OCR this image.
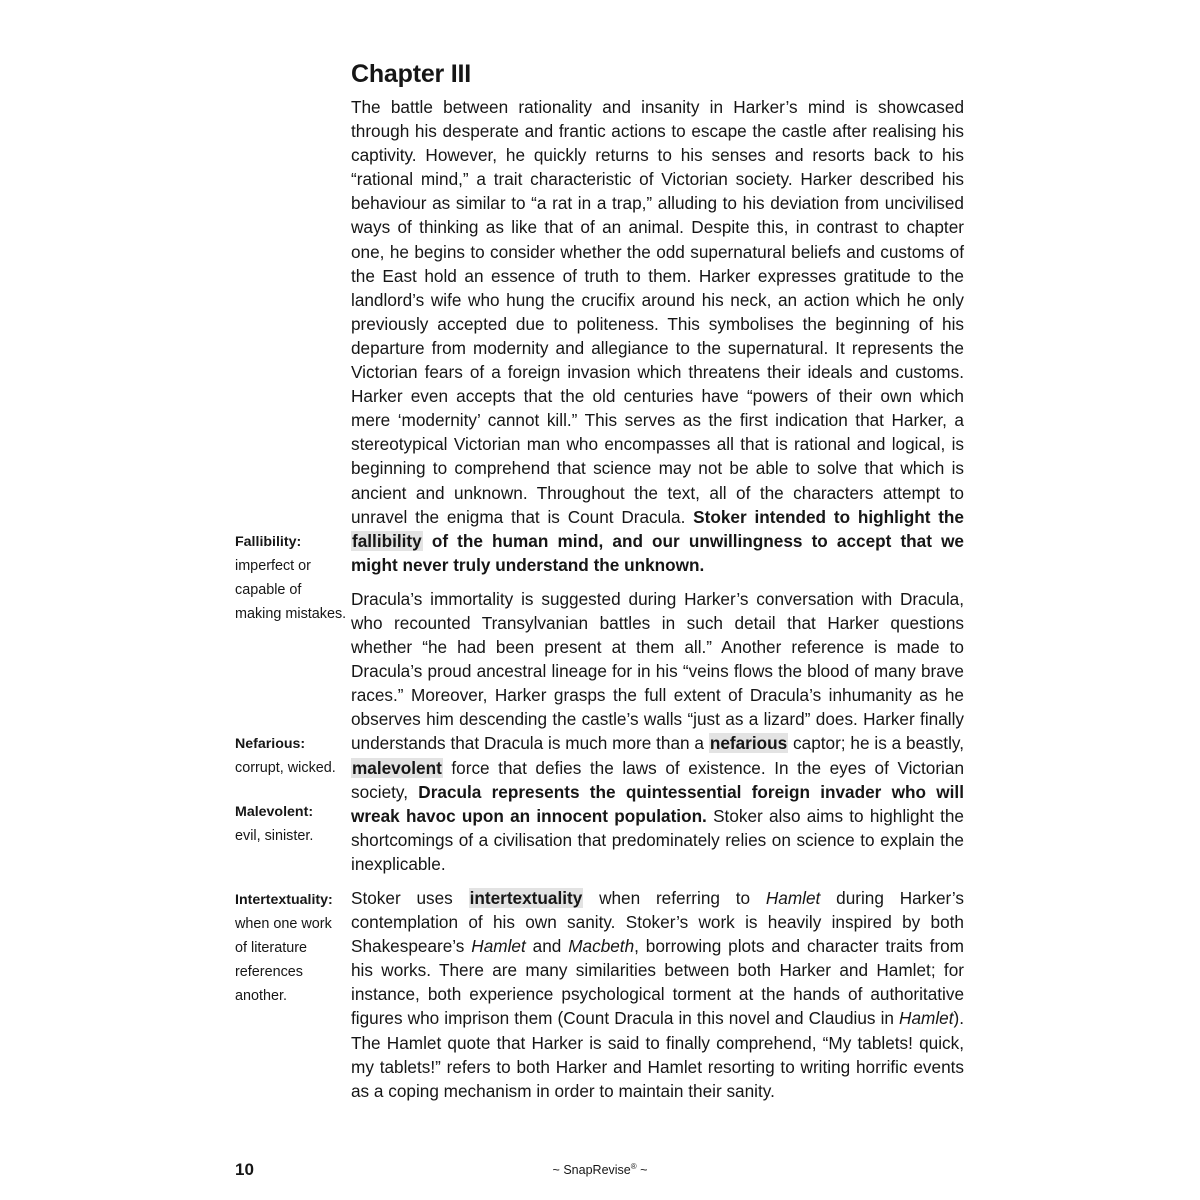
Chapter III

The battle between rationality and insanity in Harker’s mind is showcased through his desperate and frantic actions to escape the castle after realising his captivity. However, he quickly returns to his senses and resorts back to his “rational mind,” a trait characteristic of Victorian society. Harker described his behaviour as similar to “a rat in a trap,” alluding to his deviation from uncivilised ways of thinking as like that of an animal. Despite this, in contrast to chapter one, he begins to consider whether the odd supernatural beliefs and customs of the East hold an essence of truth to them. Harker expresses gratitude to the landlord’s wife who hung the crucifix around his neck, an action which he only previously accepted due to politeness. This symbolises the beginning of his departure from modernity and allegiance to the supernatural. It represents the Victorian fears of a foreign invasion which threatens their ideals and customs. Harker even accepts that the old centuries have “powers of their own which mere ‘modernity’ cannot kill.” This serves as the first indication that Harker, a stereotypical Victorian man who encompasses all that is rational and logical, is beginning to comprehend that science may not be able to solve that which is ancient and unknown. Throughout the text, all of the characters attempt to unravel the enigma that is Count Dracula. Stoker intended to highlight the fallibility of the human mind, and our unwillingness to accept that we might never truly understand the unknown.

Dracula’s immortality is suggested during Harker’s conversation with Dracula, who recounted Transylvanian battles in such detail that Harker questions whether “he had been present at them all.” Another reference is made to Dracula’s proud ancestral lineage for in his “veins flows the blood of many brave races.” Moreover, Harker grasps the full extent of Dracula’s inhumanity as he observes him descending the castle’s walls “just as a lizard” does. Harker finally understands that Dracula is much more than a nefarious captor; he is a beastly, malevolent force that defies the laws of existence. In the eyes of Victorian society, Dracula represents the quintessential foreign invader who will wreak havoc upon an innocent population. Stoker also aims to highlight the shortcomings of a civilisation that predominately relies on science to explain the inexplicable.

Stoker uses intertextuality when referring to Hamlet during Harker’s contemplation of his own sanity. Stoker’s work is heavily inspired by both Shakespeare’s Hamlet and Macbeth, borrowing plots and character traits from his works. There are many similarities between both Harker and Hamlet; for instance, both experience psychological torment at the hands of authoritative figures who imprison them (Count Dracula in this novel and Claudius in Hamlet). The Hamlet quote that Harker is said to finally comprehend, “My tablets! quick, my tablets!” refers to both Harker and Hamlet resorting to writing horrific events as a coping mechanism in order to maintain their sanity.

Fallibility:
imperfect or capable of making mistakes.
Nefarious:
corrupt, wicked.
Malevolent:
evil, sinister.
Intertextuality:
when one work of literature references another.
10	~ SnapRevise® ~
